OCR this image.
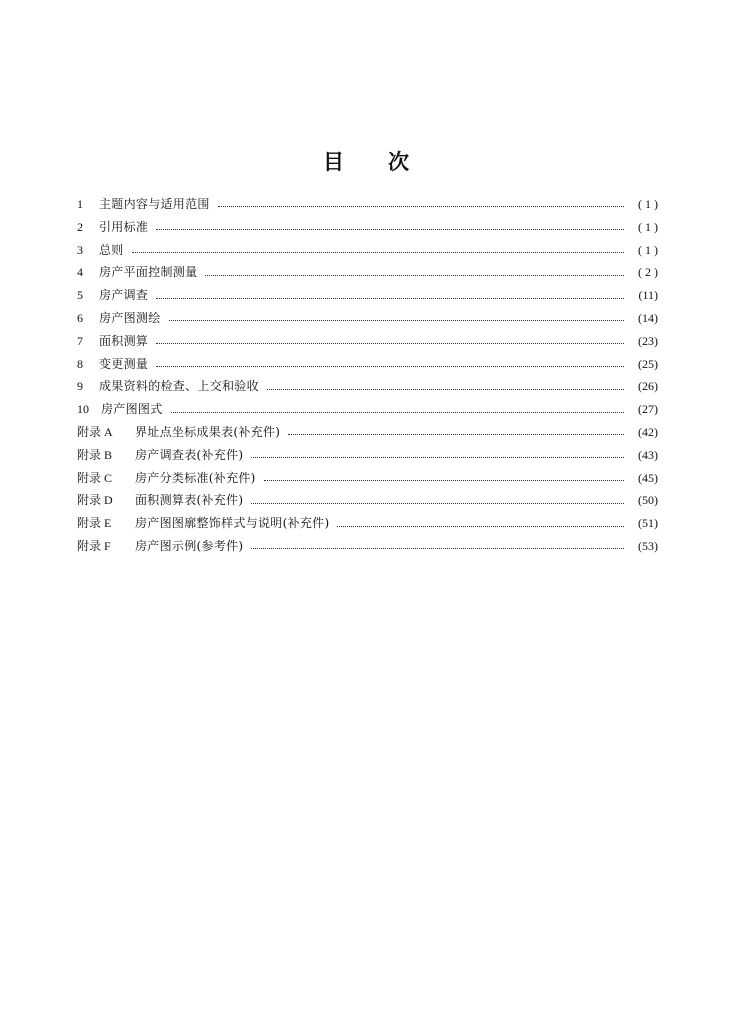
目 次
1	主题内容与适用范围	( 1 )
2	引用标准	( 1 )
3	总则	( 1 )
4	房产平面控制测量	( 2 )
5	房产调查	(11)
6	房产图测绘	(14)
7	面积测算	(23)
8	变更测量	(25)
9	成果资料的检查、上交和验收	(26)
10	房产图图式	(27)
附录 A	界址点坐标成果表(补充件)	(42)
附录 B	房产调查表(补充件)	(43)
附录 C	房产分类标准(补充件)	(45)
附录 D	面积测算表(补充件)	(50)
附录 E	房产图图廓整饰样式与说明(补充件)	(51)
附录 F	房产图示例(参考件)	(53)
